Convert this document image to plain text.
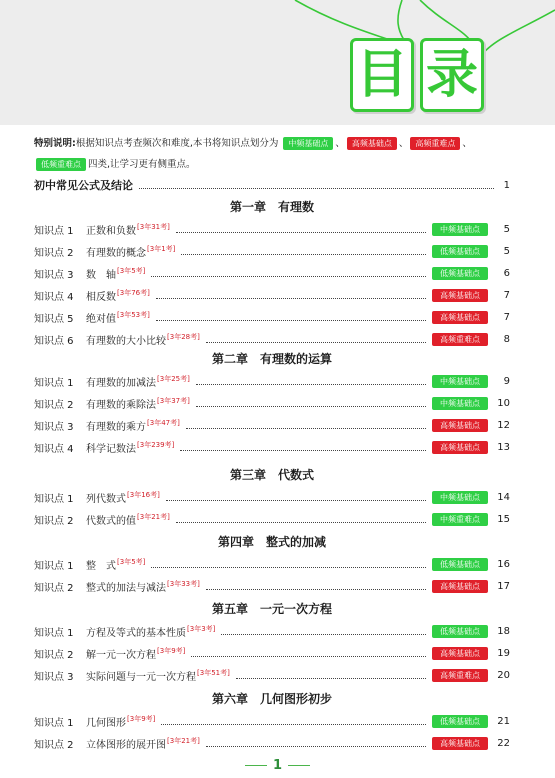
目 录
特别说明:根据知识点考查频次和难度,本书将知识点划分为 中频基础点 、 高频基础点 、 高频重难点 、
低频重难点 四类,让学习更有侧重点。
初中常见公式及结论	1
第一章　有理数
知识点 1	正数和负数[3年31考]	中频基础点	5
知识点 2	有理数的概念[3年1考]	低频基础点	5
知识点 3	数　轴[3年5考]	低频基础点	6
知识点 4	相反数[3年76考]	高频基础点	7
知识点 5	绝对值[3年53考]	高频基础点	7
知识点 6	有理数的大小比较[3年28考]	高频重难点	8
第二章　有理数的运算
知识点 1	有理数的加减法[3年25考]	中频基础点	9
知识点 2	有理数的乘除法[3年37考]	中频基础点	10
知识点 3	有理数的乘方[3年47考]	高频基础点	12
知识点 4	科学记数法[3年239考]	高频基础点	13
第三章　代数式
知识点 1	列代数式[3年16考]	中频基础点	14
知识点 2	代数式的值[3年21考]	中频重难点	15
第四章　整式的加减
知识点 1	整　式[3年5考]	低频基础点	16
知识点 2	整式的加法与减法[3年33考]	高频基础点	17
第五章　一元一次方程
知识点 1	方程及等式的基本性质[3年3考]	低频基础点	18
知识点 2	解一元一次方程[3年9考]	高频基础点	19
知识点 3	实际问题与一元一次方程[3年51考]	高频重难点	20
第六章　几何图形初步
知识点 1	几何图形[3年9考]	低频基础点	21
知识点 2	立体图形的展开图[3年21考]	高频基础点	22
1
